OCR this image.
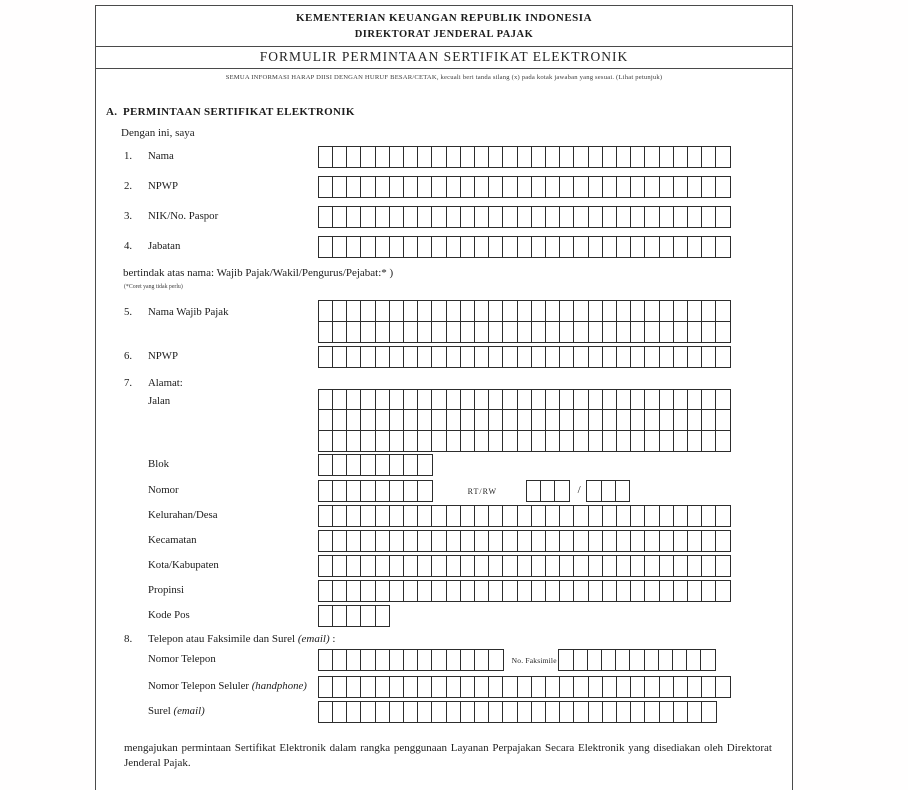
KEMENTERIAN KEUANGAN REPUBLIK INDONESIA
DIREKTORAT JENDERAL PAJAK
FORMULIR PERMINTAAN SERTIFIKAT ELEKTRONIK
SEMUA INFORMASI HARAP DIISI DENGAN HURUF BESAR/CETAK, kecuali beri tanda silang (x) pada kotak jawaban yang sesuai. (Lihat petunjuk)
A. PERMINTAAN SERTIFIKAT ELEKTRONIK
Dengan ini, saya
1. Nama
2. NPWP
3. NIK/No. Paspor
4. Jabatan
bertindak atas nama: Wajib Pajak/Wakil/Pengurus/Pejabat:* )
(*Coret yang tidak perlu)
5. Nama Wajib Pajak
6. NPWP
7. Alamat:
Jalan
Blok
Nomor	RT/RW	/
Kelurahan/Desa
Kecamatan
Kota/Kabupaten
Propinsi
Kode Pos
8. Telepon atau Faksimile dan Surel (email) :
Nomor Telepon	No. Faksimile
Nomor Telepon Seluler (handphone)
Surel (email)
mengajukan permintaan Sertifikat Elektronik dalam rangka penggunaan Layanan Perpajakan Secara Elektronik yang disediakan oleh Direktorat Jenderal Pajak.
